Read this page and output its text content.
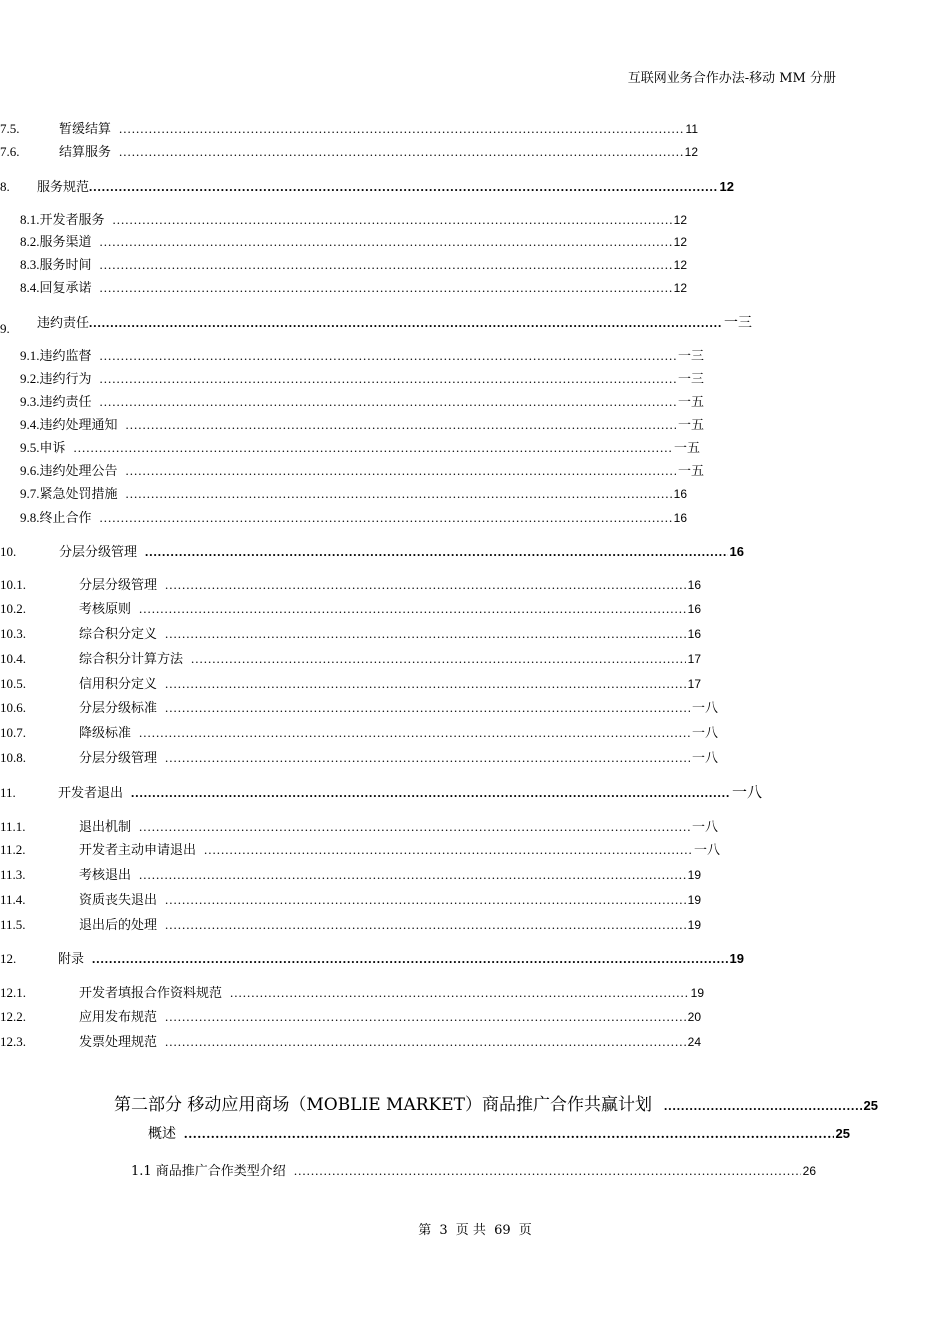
互联网业务合作办法-移动 MM 分册
7.5.	暂缓结算 .....	11
7.6.	结算服务 .....	12
8.	服务规范 .....	12
8.1. 开发者服务 .....	12
8.2. 服务渠道 .....	12
8.3. 服务时间 .....	12
8.4. 回复承诺 .....	12
9.	违约责任 .....	一三
9.1. 违约监督 .....	一三
9.2. 违约行为 .....	一三
9.3. 违约责任 .....	一五
9.4. 违约处理通知 .....	一五
9.5. 申诉 .....	一五
9.6. 违约处理公告 .....	一五
9.7. 紧急处罚措施 .....	16
9.8. 终止合作 .....	16
10.	分层分级管理 .....	16
10.1.	分层分级管理 .....	16
10.2.	考核原则 .....	16
10.3.	综合积分定义 .....	16
10.4.	综合积分计算方法 .....	17
10.5.	信用积分定义 .....	17
10.6.	分层分级标准 .....	一八
10.7.	降级标准 .....	一八
10.8.	分层分级管理 .....	一八
11.	开发者退出 .....	一八
11.1.	退出机制 .....	一八
11.2.	开发者主动申请退出 .....	一八
11.3.	考核退出 .....	19
11.4.	资质丧失退出 .....	19
11.5.	退出后的处理 .....	19
12.	附录 .....	19
12.1.	开发者填报合作资料规范 .....	19
12.2.	应用发布规范 .....	20
12.3.	发票处理规范 .....	24
第二部分 移动应用商场（MOBLIE MARKET）商品推广合作共赢计划 .....	25
概述 .....	25
1.1 商品推广合作类型介绍 .....	26
第 3 页 共 69 页
